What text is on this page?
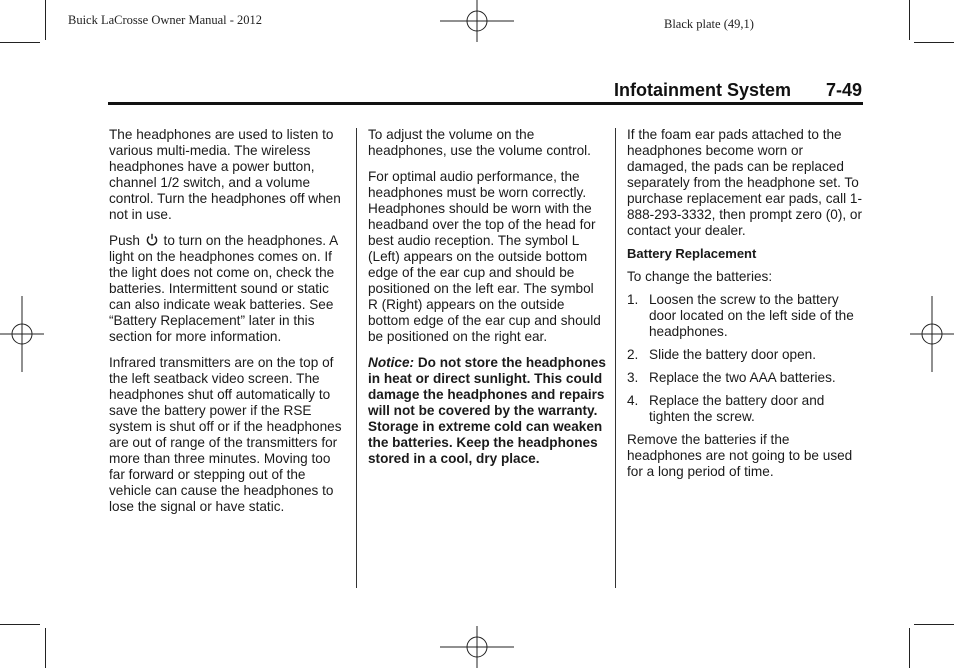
Buick LaCrosse Owner Manual - 2012	Black plate (49,1)
Infotainment System 7-49

The headphones are used to listen to various multi-media. The wireless headphones have a power button, channel 1/2 switch, and a volume control. Turn the headphones off when not in use.

Push to turn on the headphones. A light on the headphones comes on. If the light does not come on, check the batteries. Intermittent sound or static can also indicate weak batteries. See “Battery Replacement” later in this section for more information.

Infrared transmitters are on the top of the left seatback video screen. The headphones shut off automatically to save the battery power if the RSE system is shut off or if the headphones are out of range of the transmitters for more than three minutes. Moving too far forward or stepping out of the vehicle can cause the headphones to lose the signal or have static.

To adjust the volume on the headphones, use the volume control.

For optimal audio performance, the headphones must be worn correctly. Headphones should be worn with the headband over the top of the head for best audio reception. The symbol L (Left) appears on the outside bottom edge of the ear cup and should be positioned on the left ear. The symbol R (Right) appears on the outside bottom edge of the ear cup and should be positioned on the right ear.

Notice: Do not store the headphones in heat or direct sunlight. This could damage the headphones and repairs will not be covered by the warranty. Storage in extreme cold can weaken the batteries. Keep the headphones stored in a cool, dry place.

If the foam ear pads attached to the headphones become worn or damaged, the pads can be replaced separately from the headphone set. To purchase replacement ear pads, call 1-888-293-3332, then prompt zero (0), or contact your dealer.

Battery Replacement

To change the batteries:

1. Loosen the screw to the battery door located on the left side of the headphones.
2. Slide the battery door open.
3. Replace the two AAA batteries.
4. Replace the battery door and tighten the screw.

Remove the batteries if the headphones are not going to be used for a long period of time.
